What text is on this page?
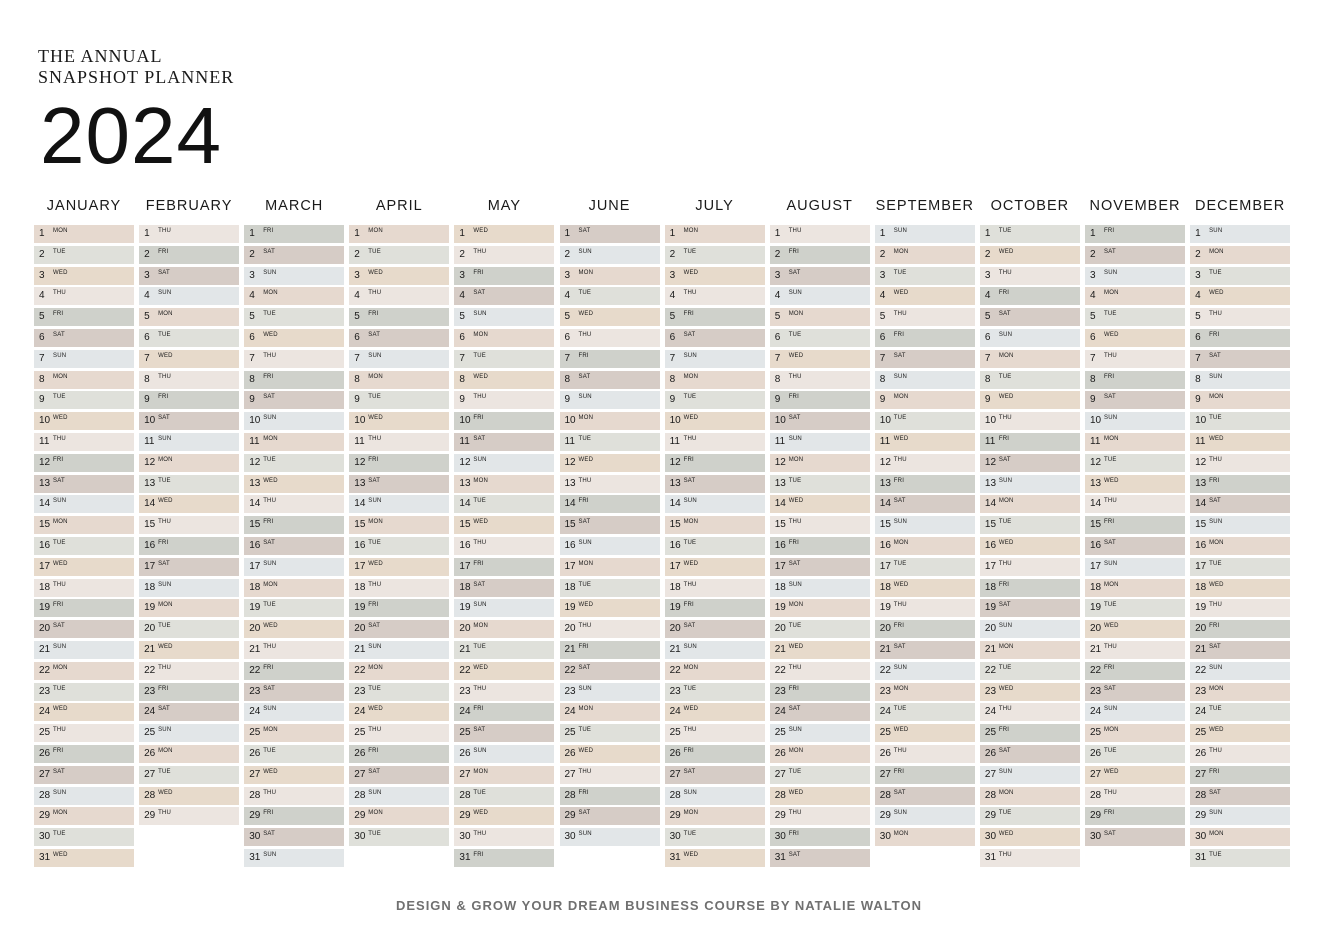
THE ANNUAL
SNAPSHOT PLANNER
2024
JANUARY
1 MON
2 TUE
3 WED
4 THU
5 FRI
6 SAT
7 SUN
8 MON
9 TUE
10 WED
11 THU
12 FRI
13 SAT
14 SUN
15 MON
16 TUE
17 WED
18 THU
19 FRI
20 SAT
21 SUN
22 MON
23 TUE
24 WED
25 THU
26 FRI
27 SAT
28 SUN
29 MON
30 TUE
31 WED
FEBRUARY
1 THU
2 FRI
3 SAT
4 SUN
5 MON
6 TUE
7 WED
8 THU
9 FRI
10 SAT
11 SUN
12 MON
13 TUE
14 WED
15 THU
16 FRI
17 SAT
18 SUN
19 MON
20 TUE
21 WED
22 THU
23 FRI
24 SAT
25 SUN
26 MON
27 TUE
28 WED
29 THU
MARCH
1 FRI
2 SAT
3 SUN
4 MON
5 TUE
6 WED
7 THU
8 FRI
9 SAT
10 SUN
11 MON
12 TUE
13 WED
14 THU
15 FRI
16 SAT
17 SUN
18 MON
19 TUE
20 WED
21 THU
22 FRI
23 SAT
24 SUN
25 MON
26 TUE
27 WED
28 THU
29 FRI
30 SAT
31 SUN
APRIL
1 MON
2 TUE
3 WED
4 THU
5 FRI
6 SAT
7 SUN
8 MON
9 TUE
10 WED
11 THU
12 FRI
13 SAT
14 SUN
15 MON
16 TUE
17 WED
18 THU
19 FRI
20 SAT
21 SUN
22 MON
23 TUE
24 WED
25 THU
26 FRI
27 SAT
28 SUN
29 MON
30 TUE
MAY
1 WED
2 THU
3 FRI
4 SAT
5 SUN
6 MON
7 TUE
8 WED
9 THU
10 FRI
11 SAT
12 SUN
13 MON
14 TUE
15 WED
16 THU
17 FRI
18 SAT
19 SUN
20 MON
21 TUE
22 WED
23 THU
24 FRI
25 SAT
26 SUN
27 MON
28 TUE
29 WED
30 THU
31 FRI
JUNE
1 SAT
2 SUN
3 MON
4 TUE
5 WED
6 THU
7 FRI
8 SAT
9 SUN
10 MON
11 TUE
12 WED
13 THU
14 FRI
15 SAT
16 SUN
17 MON
18 TUE
19 WED
20 THU
21 FRI
22 SAT
23 SUN
24 MON
25 TUE
26 WED
27 THU
28 FRI
29 SAT
30 SUN
JULY
1 MON
2 TUE
3 WED
4 THU
5 FRI
6 SAT
7 SUN
8 MON
9 TUE
10 WED
11 THU
12 FRI
13 SAT
14 SUN
15 MON
16 TUE
17 WED
18 THU
19 FRI
20 SAT
21 SUN
22 MON
23 TUE
24 WED
25 THU
26 FRI
27 SAT
28 SUN
29 MON
30 TUE
31 WED
AUGUST
1 THU
2 FRI
3 SAT
4 SUN
5 MON
6 TUE
7 WED
8 THU
9 FRI
10 SAT
11 SUN
12 MON
13 TUE
14 WED
15 THU
16 FRI
17 SAT
18 SUN
19 MON
20 TUE
21 WED
22 THU
23 FRI
24 SAT
25 SUN
26 MON
27 TUE
28 WED
29 THU
30 FRI
31 SAT
SEPTEMBER
1 SUN
2 MON
3 TUE
4 WED
5 THU
6 FRI
7 SAT
8 SUN
9 MON
10 TUE
11 WED
12 THU
13 FRI
14 SAT
15 SUN
16 MON
17 TUE
18 WED
19 THU
20 FRI
21 SAT
22 SUN
23 MON
24 TUE
25 WED
26 THU
27 FRI
28 SAT
29 SUN
30 MON
OCTOBER
1 TUE
2 WED
3 THU
4 FRI
5 SAT
6 SUN
7 MON
8 TUE
9 WED
10 THU
11 FRI
12 SAT
13 SUN
14 MON
15 TUE
16 WED
17 THU
18 FRI
19 SAT
20 SUN
21 MON
22 TUE
23 WED
24 THU
25 FRI
26 SAT
27 SUN
28 MON
29 TUE
30 WED
31 THU
NOVEMBER
1 FRI
2 SAT
3 SUN
4 MON
5 TUE
6 WED
7 THU
8 FRI
9 SAT
10 SUN
11 MON
12 TUE
13 WED
14 THU
15 FRI
16 SAT
17 SUN
18 MON
19 TUE
20 WED
21 THU
22 FRI
23 SAT
24 SUN
25 MON
26 TUE
27 WED
28 THU
29 FRI
30 SAT
DECEMBER
1 SUN
2 MON
3 TUE
4 WED
5 THU
6 FRI
7 SAT
8 SUN
9 MON
10 TUE
11 WED
12 THU
13 FRI
14 SAT
15 SUN
16 MON
17 TUE
18 WED
19 THU
20 FRI
21 SAT
22 SUN
23 MON
24 TUE
25 WED
26 THU
27 FRI
28 SAT
29 SUN
30 MON
31 TUE
DESIGN & GROW YOUR DREAM BUSINESS COURSE BY NATALIE WALTON
